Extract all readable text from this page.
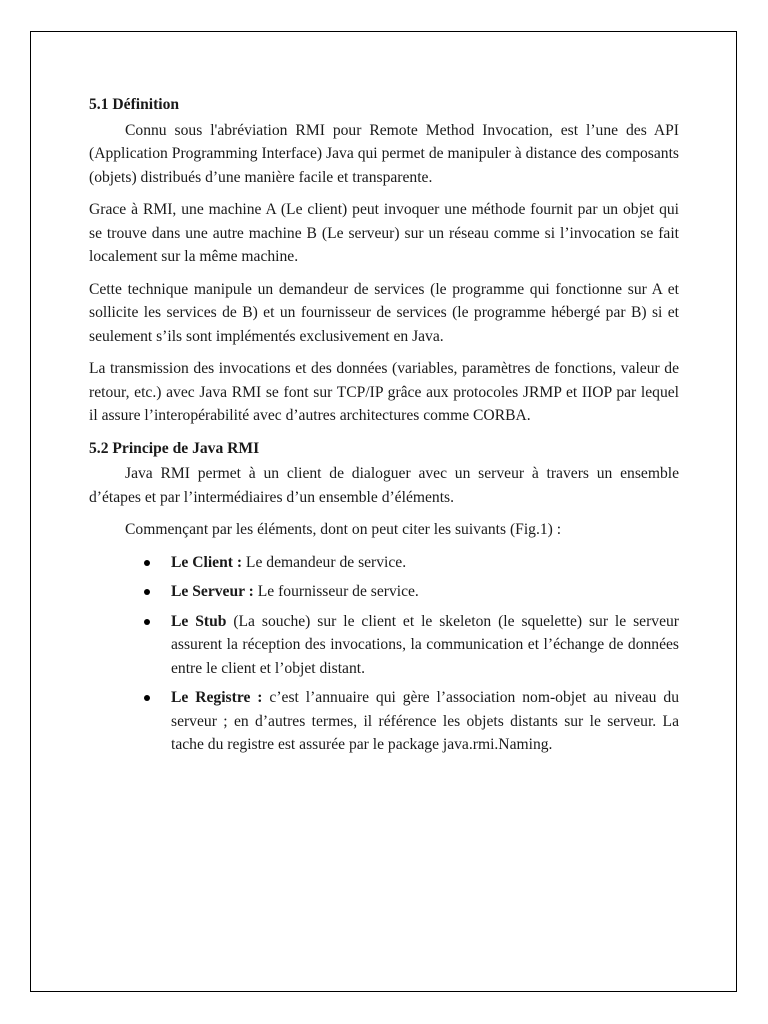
5.1 Définition

Connu sous l'abréviation RMI pour Remote Method Invocation, est l’une des API (Application Programming Interface) Java qui permet de manipuler à distance des composants (objets) distribués d’une manière facile et transparente.

Grace à RMI, une machine A (Le client) peut invoquer une méthode fournit par un objet qui se trouve dans une autre machine B (Le serveur) sur un réseau comme si l’invocation se fait localement sur la même machine.

Cette technique manipule un demandeur de services (le programme qui fonctionne sur A et sollicite les services de B) et un fournisseur de services (le programme hébergé par B) si et seulement s’ils sont implémentés exclusivement en Java.

La transmission des invocations et des données (variables, paramètres de fonctions, valeur de retour, etc.) avec Java RMI se font sur TCP/IP grâce aux protocoles JRMP et IIOP par lequel il assure l’interopérabilité avec d’autres architectures comme CORBA.

5.2 Principe de Java RMI

Java RMI permet à un client de dialoguer avec un serveur à travers un ensemble d’étapes et par l’intermédiaires d’un ensemble d’éléments.

Commençant par les éléments, dont on peut citer les suivants (Fig.1) :

Le Client : Le demandeur de service.
Le Serveur : Le fournisseur de service.
Le Stub (La souche) sur le client et le skeleton (le squelette) sur le serveur assurent la réception des invocations, la communication et l’échange de données entre le client et l’objet distant.
Le Registre : c’est l’annuaire qui gère l’association nom-objet au niveau du serveur ; en d’autres termes, il référence les objets distants sur le serveur. La tache du registre est assurée par le package java.rmi.Naming.
